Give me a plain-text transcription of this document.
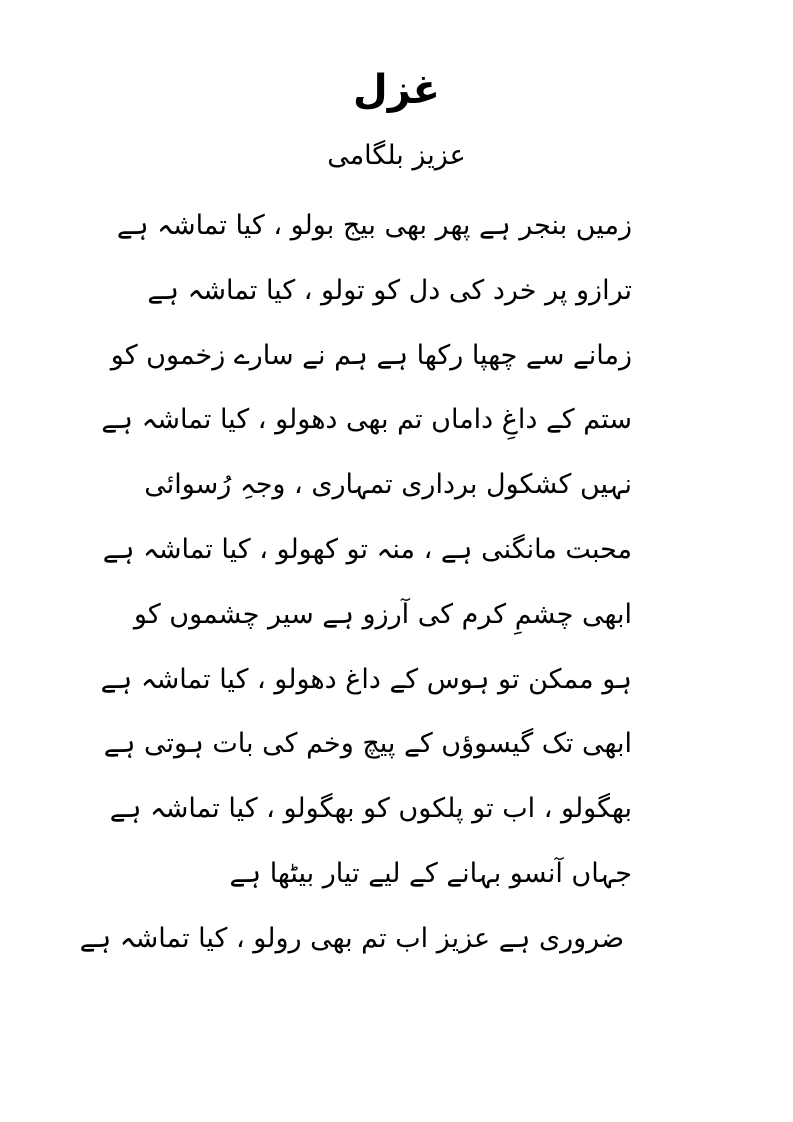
غزل
عزیز بلگامی
زمیں بنجر ہے پھر بھی بیج بولو ، کیا تماشہ ہے
ترازو پر خرد کی دل کو تولو ، کیا تماشہ ہے
زمانے سے چھپا رکھا ہے ہم نے سارے زخموں کو
ستم کے داغِ داماں تم بھی دھولو ، کیا تماشہ ہے
نہیں کشکول برداری تمہاری ، وجہِ رُسوائی
محبت مانگنی ہے ، منہ تو کھولو ، کیا تماشہ ہے
ابھی چشمِ کرم کی آرزو ہے سیر چشموں کو
ہو ممکن تو ہوس کے داغ دھولو ، کیا تماشہ ہے
ابھی تک گیسوؤں کے پیچ وخم کی بات ہوتی ہے
بھگولو ، اب تو پلکوں کو بھگولو ، کیا تماشہ ہے
جہاں آنسو بہانے کے لیے تیار بیٹھا ہے
ضروری ہے عزیز اب تم بھی رولو ، کیا تماشہ ہے
